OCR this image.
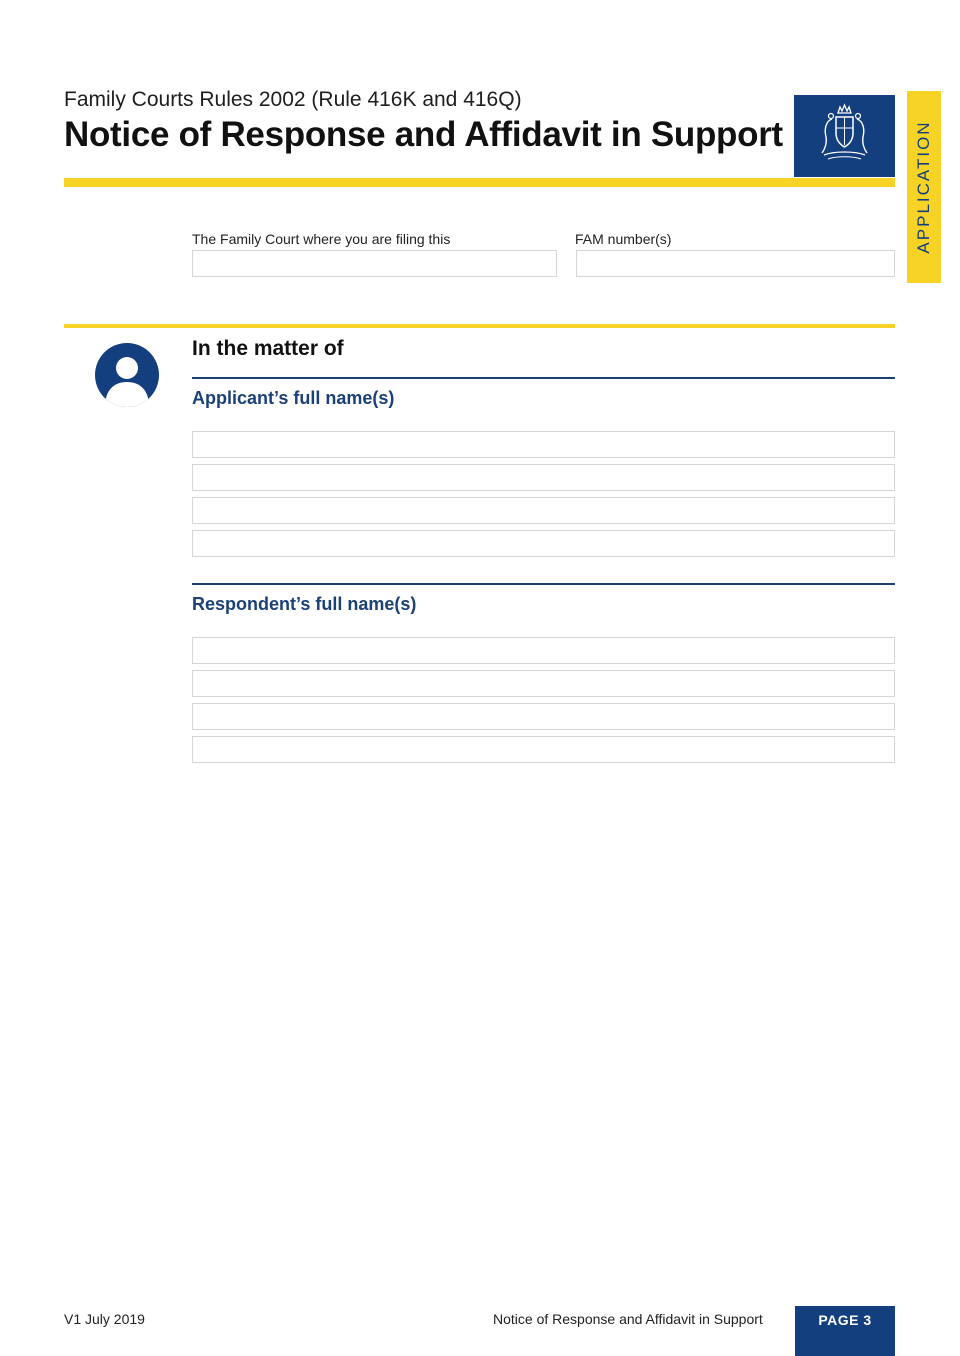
Family Courts Rules 2002 (Rule 416K and 416Q)
Notice of Response and Affidavit in Support	APPLICATION
The Family Court where you are filing this	FAM number(s)
In the matter of
Applicant’s full name(s)
Respondent’s full name(s)
V1 July 2019	Notice of Response and Affidavit in Support	PAGE 3
